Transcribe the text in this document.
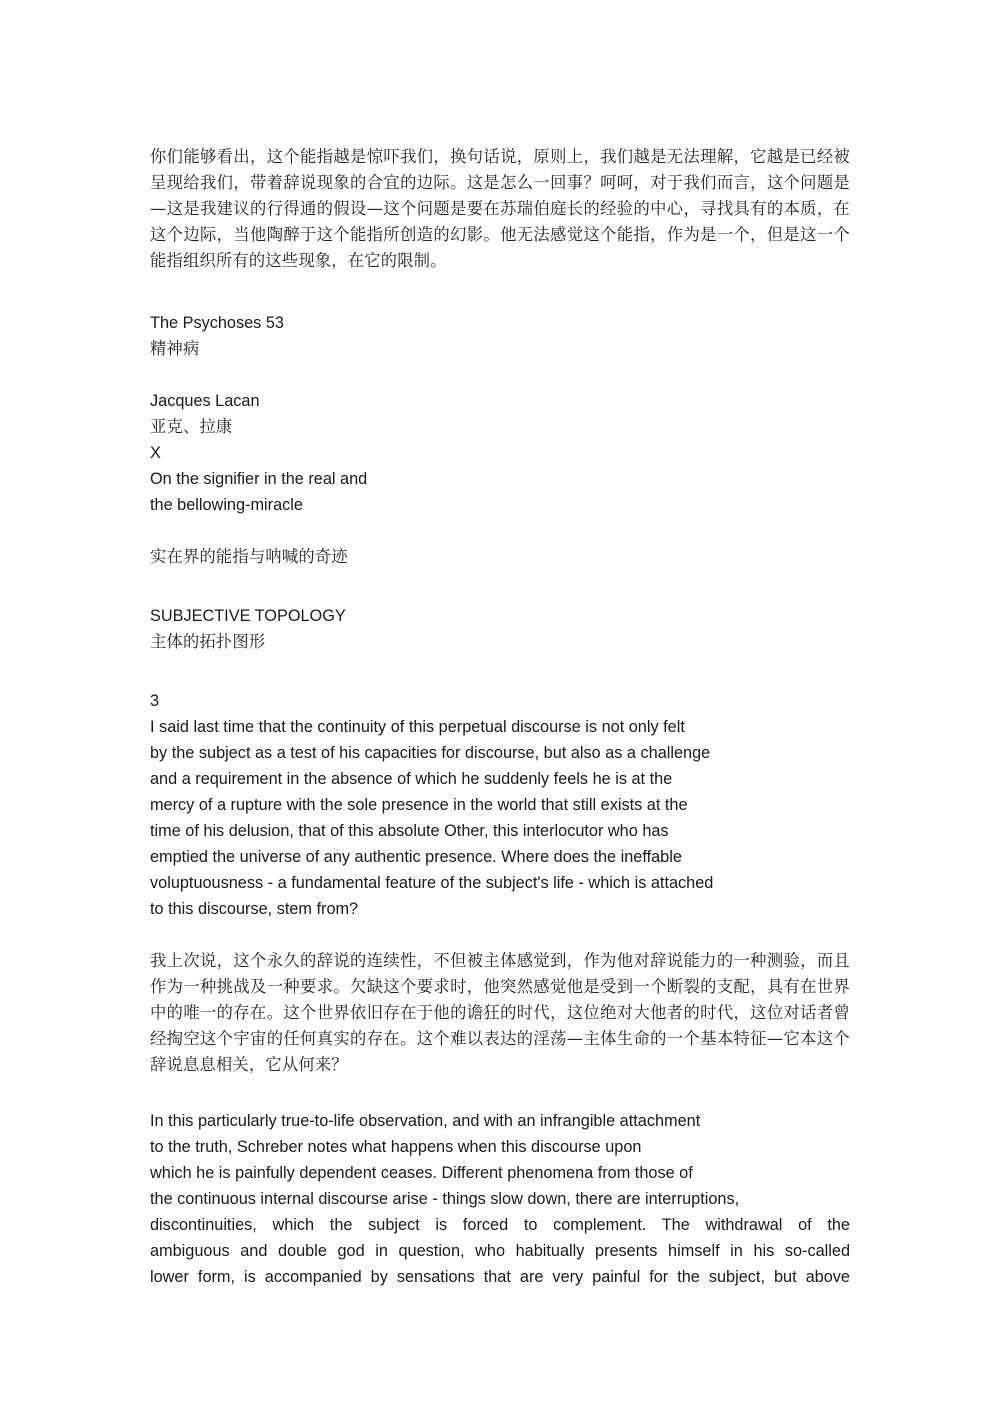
你们能够看出，这个能指越是惊吓我们，换句话说，原则上，我们越是无法理解，它越是已经被呈现给我们，带着辞说现象的合宜的边际。这是怎么一回事？呵呵，对于我们而言，这个问题是—这是我建议的行得通的假设—这个问题是要在苏瑞伯庭长的经验的中心，寻找具有的本质，在这个边际，当他陶醉于这个能指所创造的幻影。他无法感觉这个能指，作为是一个，但是这一个能指组织所有的这些现象，在它的限制。

The Psychoses 53
精神病
Jacques Lacan
亚克、拉康
X
On the signifier in the real and
the bellowing-miracle
实在界的能指与呐喊的奇迹
SUBJECTIVE TOPOLOGY
主体的拓扑图形
3
I said last time that the continuity of this perpetual discourse is not only felt
by the subject as a test of his capacities for discourse, but also as a challenge
and a requirement in the absence of which he suddenly feels he is at the
mercy of a rupture with the sole presence in the world that still exists at the
time of his delusion, that of this absolute Other, this interlocutor who has
emptied the universe of any authentic presence. Where does the ineffable
voluptuousness - a fundamental feature of the subject's life - which is attached
to this discourse, stem from?

我上次说，这个永久的辞说的连续性，不但被主体感觉到，作为他对辞说能力的一种测验，而且作为一种挑战及一种要求。欠缺这个要求时，他突然感觉他是受到一个断裂的支配，具有在世界中的唯一的存在。这个世界依旧存在于他的谵狂的时代，这位绝对大他者的时代，这位对话者曾经掏空这个宇宙的任何真实的存在。这个难以表达的淫荡—主体生命的一个基本特征—它本这个辞说息息相关，它从何来？

In this particularly true-to-life observation, and with an infrangible attachment
to the truth, Schreber notes what happens when this discourse upon
which he is painfully dependent ceases. Different phenomena from those of
the continuous internal discourse arise - things slow down, there are interruptions,
discontinuities, which the subject is forced to complement. The withdrawal of the
ambiguous and double god in question, who habitually presents himself in his so-called
lower form, is accompanied by sensations that are very painful for the subject, but above
